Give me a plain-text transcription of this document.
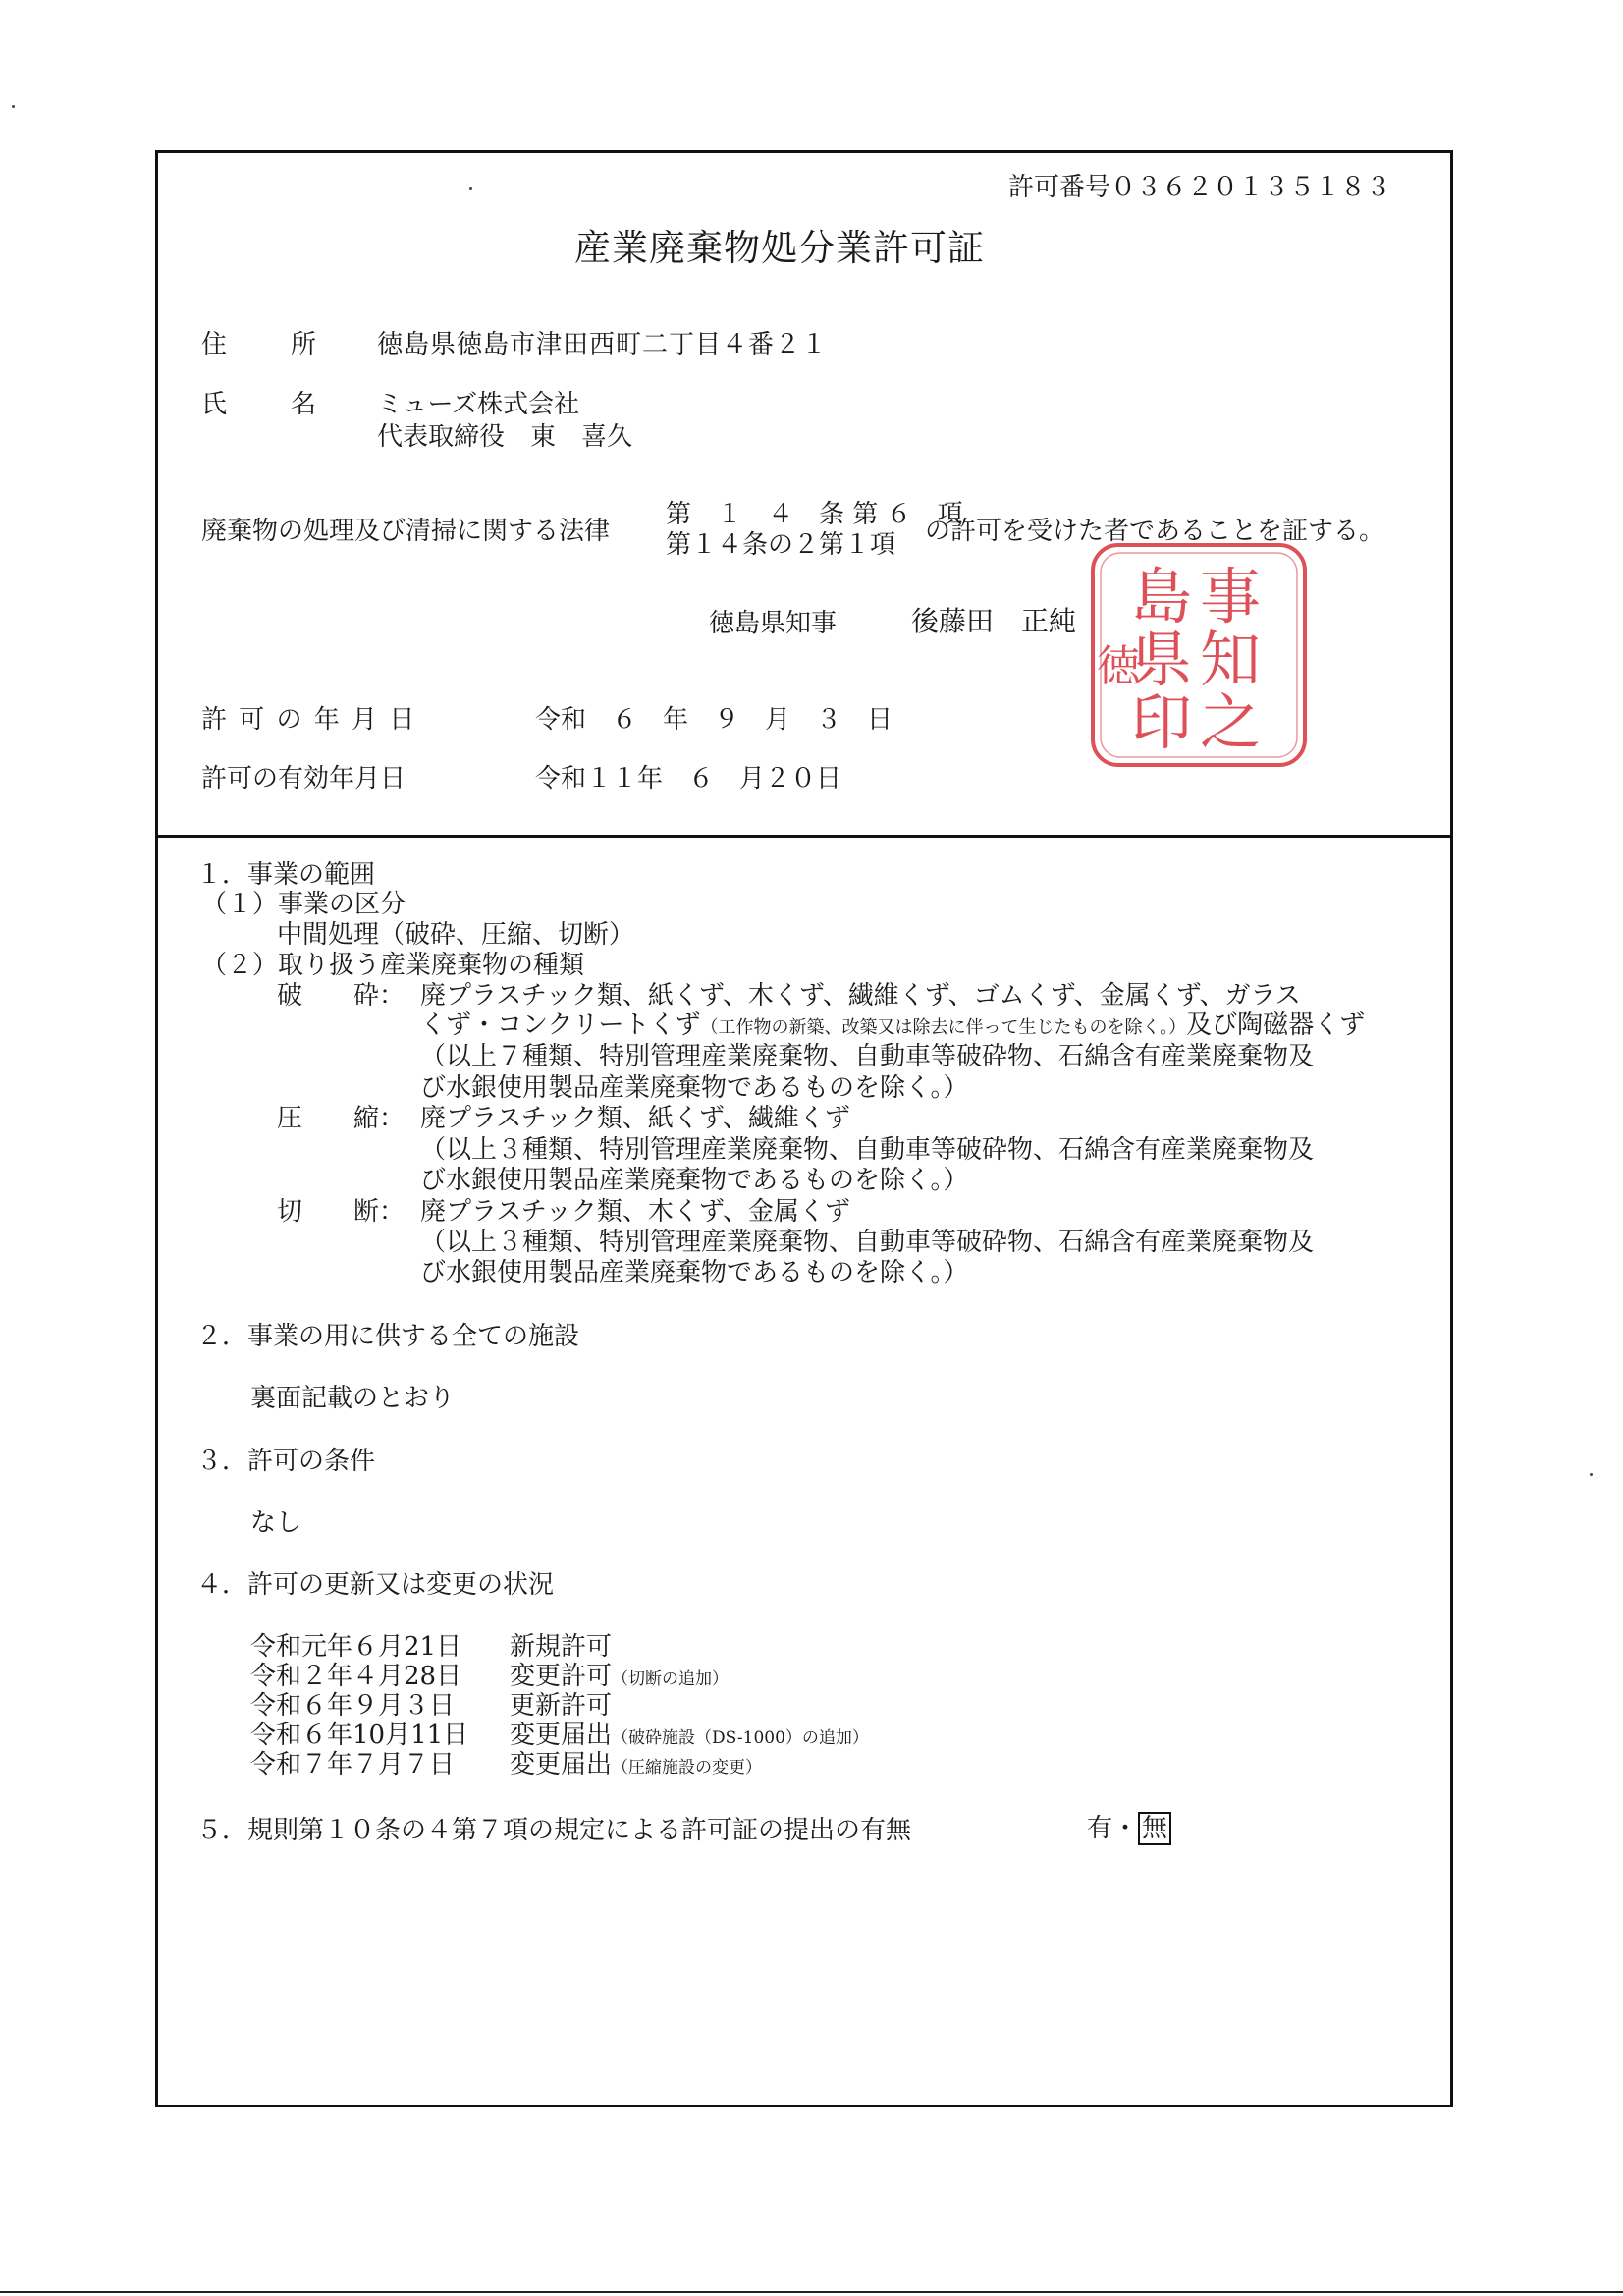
許可番号０３６２０１３５１８３
産業廃棄物処分業許可証
住 所 徳島県徳島市津田西町二丁目４番２１
氏 名 ミューズ株式会社
代表取締役　東　喜久
廃棄物の処理及び清掃に関する法律
第　１　４　条 第 ６　項
第１４条の２第１項 の許可を受けた者であることを証する。
徳島県知事	後藤田　正純 事
知
之
島
県
印
徳
許 可 の 年 月 日	令和　６　年　９　月　３　日
許可の有効年月日	令和１１年　６　月２０日
１．事業の範囲
（１）事業の区分
中間処理（破砕、圧縮、切断）
（２）取り扱う産業廃棄物の種類
破　　砕： 廃プラスチック類、紙くず、木くず、繊維くず、ゴムくず、金属くず、ガラス
くず・コンクリートくず（工作物の新築、改築又は除去に伴って生じたものを除く。）及び陶磁器くず
（以上７種類、特別管理産業廃棄物、自動車等破砕物、石綿含有産業廃棄物及
び水銀使用製品産業廃棄物であるものを除く。）
圧　　縮： 廃プラスチック類、紙くず、繊維くず
（以上３種類、特別管理産業廃棄物、自動車等破砕物、石綿含有産業廃棄物及
び水銀使用製品産業廃棄物であるものを除く。）
切　　断： 廃プラスチック類、木くず、金属くず
（以上３種類、特別管理産業廃棄物、自動車等破砕物、石綿含有産業廃棄物及
び水銀使用製品産業廃棄物であるものを除く。）
２．事業の用に供する全ての施設
裏面記載のとおり
３．許可の条件
なし
４．許可の更新又は変更の状況
令和元年６月21日 新規許可
令和２年４月28日 変更許可（切断の追加）
令和６年９月３日 更新許可
令和６年10月11日 変更届出（破砕施設（DS-1000）の追加）
令和７年７月７日 変更届出（圧縮施設の変更）
５．規則第１０条の４第７項の規定による許可証の提出の有無	有・ 無
